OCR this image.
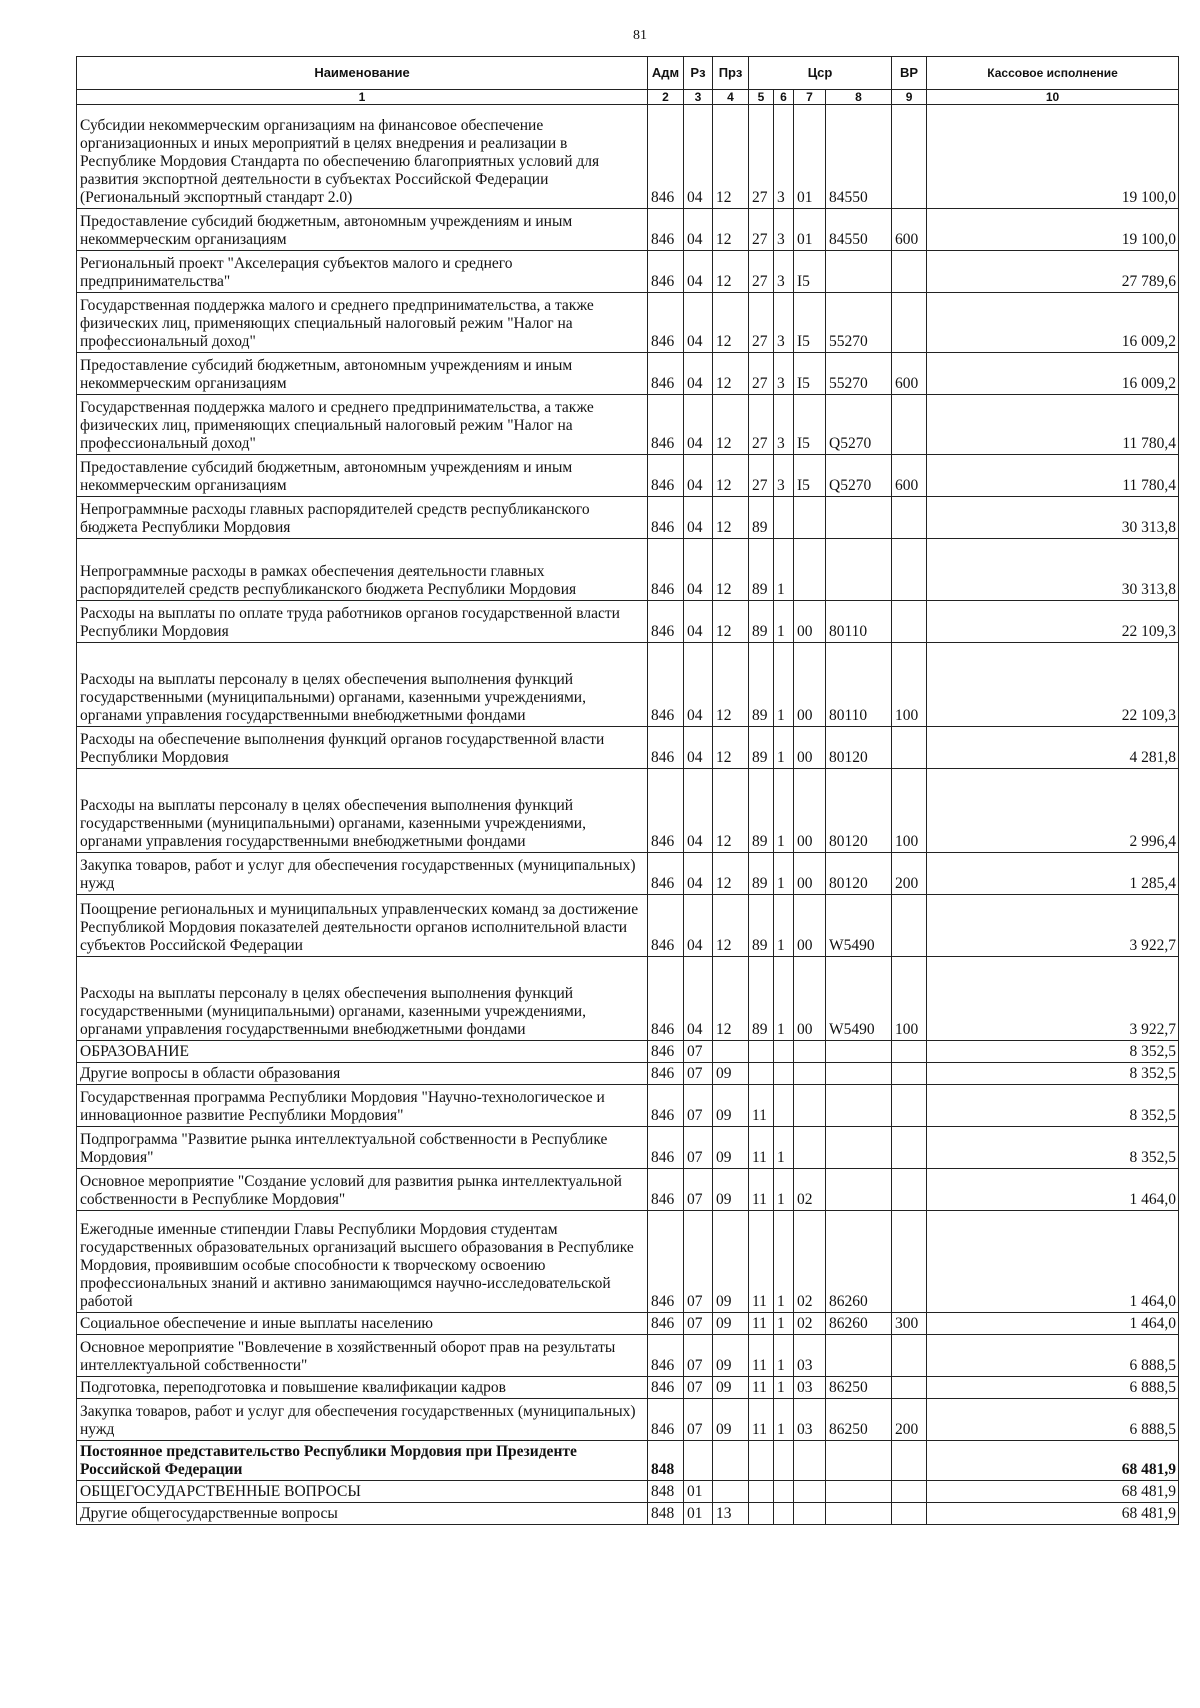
81
Наименование	Адм	Рз	Прз	Цср				ВР	Кассовое исполнение
1	2	3	4	5	6	7	8	9	10
Субсидии некоммерческим организациям на финансовое обеспечение организационных и иных мероприятий в целях внедрения и реализации в Республике Мордовия Стандарта по обеспечению благоприятных условий для развития экспортной деятельности в субъектах Российской Федерации (Региональный экспортный стандарт 2.0)	846	04	12	27	3	01	84550		19 100,0
Предоставление субсидий бюджетным, автономным учреждениям и иным некоммерческим организациям	846	04	12	27	3	01	84550	600	19 100,0
Региональный проект "Акселерация субъектов малого и среднего предпринимательства"	846	04	12	27	3	I5			27 789,6
Государственная поддержка малого и среднего предпринимательства, а также физических лиц, применяющих специальный налоговый режим "Налог на профессиональный доход"	846	04	12	27	3	I5	55270		16 009,2
Предоставление субсидий бюджетным, автономным учреждениям и иным некоммерческим организациям	846	04	12	27	3	I5	55270	600	16 009,2
Государственная поддержка малого и среднего предпринимательства, а также физических лиц, применяющих специальный налоговый режим "Налог на профессиональный доход"	846	04	12	27	3	I5	Q5270		11 780,4
Предоставление субсидий бюджетным, автономным учреждениям и иным некоммерческим организациям	846	04	12	27	3	I5	Q5270	600	11 780,4
Непрограммные расходы главных распорядителей средств республиканского бюджета Республики Мордовия	846	04	12	89					30 313,8
Непрограммные расходы в рамках обеспечения деятельности главных распорядителей средств республиканского бюджета Республики Мордовия	846	04	12	89	1				30 313,8
Расходы на выплаты по оплате труда работников органов государственной власти Республики Мордовия	846	04	12	89	1	00	80110		22 109,3
Расходы на выплаты персоналу в целях обеспечения выполнения функций государственными (муниципальными) органами, казенными учреждениями, органами управления государственными внебюджетными фондами	846	04	12	89	1	00	80110	100	22 109,3
Расходы на обеспечение выполнения функций органов государственной власти Республики Мордовия	846	04	12	89	1	00	80120		4 281,8
Расходы на выплаты персоналу в целях обеспечения выполнения функций государственными (муниципальными) органами, казенными учреждениями, органами управления государственными внебюджетными фондами	846	04	12	89	1	00	80120	100	2 996,4
Закупка товаров, работ и услуг для обеспечения государственных (муниципальных) нужд	846	04	12	89	1	00	80120	200	1 285,4
Поощрение региональных и муниципальных управленческих команд за достижение Республикой Мордовия показателей деятельности органов исполнительной власти субъектов Российской Федерации	846	04	12	89	1	00	W5490		3 922,7
Расходы на выплаты персоналу в целях обеспечения выполнения функций государственными (муниципальными) органами, казенными учреждениями, органами управления государственными внебюджетными фондами	846	04	12	89	1	00	W5490	100	3 922,7
ОБРАЗОВАНИЕ	846	07							8 352,5
Другие вопросы в области образования	846	07	09						8 352,5
Государственная программа Республики Мордовия "Научно-технологическое и инновационное развитие Республики Мордовия"	846	07	09	11					8 352,5
Подпрограмма "Развитие рынка интеллектуальной собственности в Республике Мордовия"	846	07	09	11	1				8 352,5
Основное мероприятие "Создание условий для развития рынка интеллектуальной собственности в Республике Мордовия"	846	07	09	11	1	02			1 464,0
Ежегодные именные стипендии Главы Республики Мордовия студентам государственных образовательных организаций высшего образования в Республике Мордовия, проявившим особые способности к творческому освоению профессиональных знаний и активно занимающимся научно-исследовательской работой	846	07	09	11	1	02	86260		1 464,0
Социальное обеспечение и иные выплаты населению	846	07	09	11	1	02	86260	300	1 464,0
Основное мероприятие "Вовлечение в хозяйственный оборот прав на результаты интеллектуальной собственности"	846	07	09	11	1	03			6 888,5
Подготовка, переподготовка и повышение квалификации кадров	846	07	09	11	1	03	86250		6 888,5
Закупка товаров, работ и услуг для обеспечения государственных (муниципальных) нужд	846	07	09	11	1	03	86250	200	6 888,5
Постоянное представительство Республики Мордовия при Президенте Российской Федерации	848								68 481,9
ОБЩЕГОСУДАРСТВЕННЫЕ ВОПРОСЫ	848	01							68 481,9
Другие общегосударственные вопросы	848	01	13						68 481,9
